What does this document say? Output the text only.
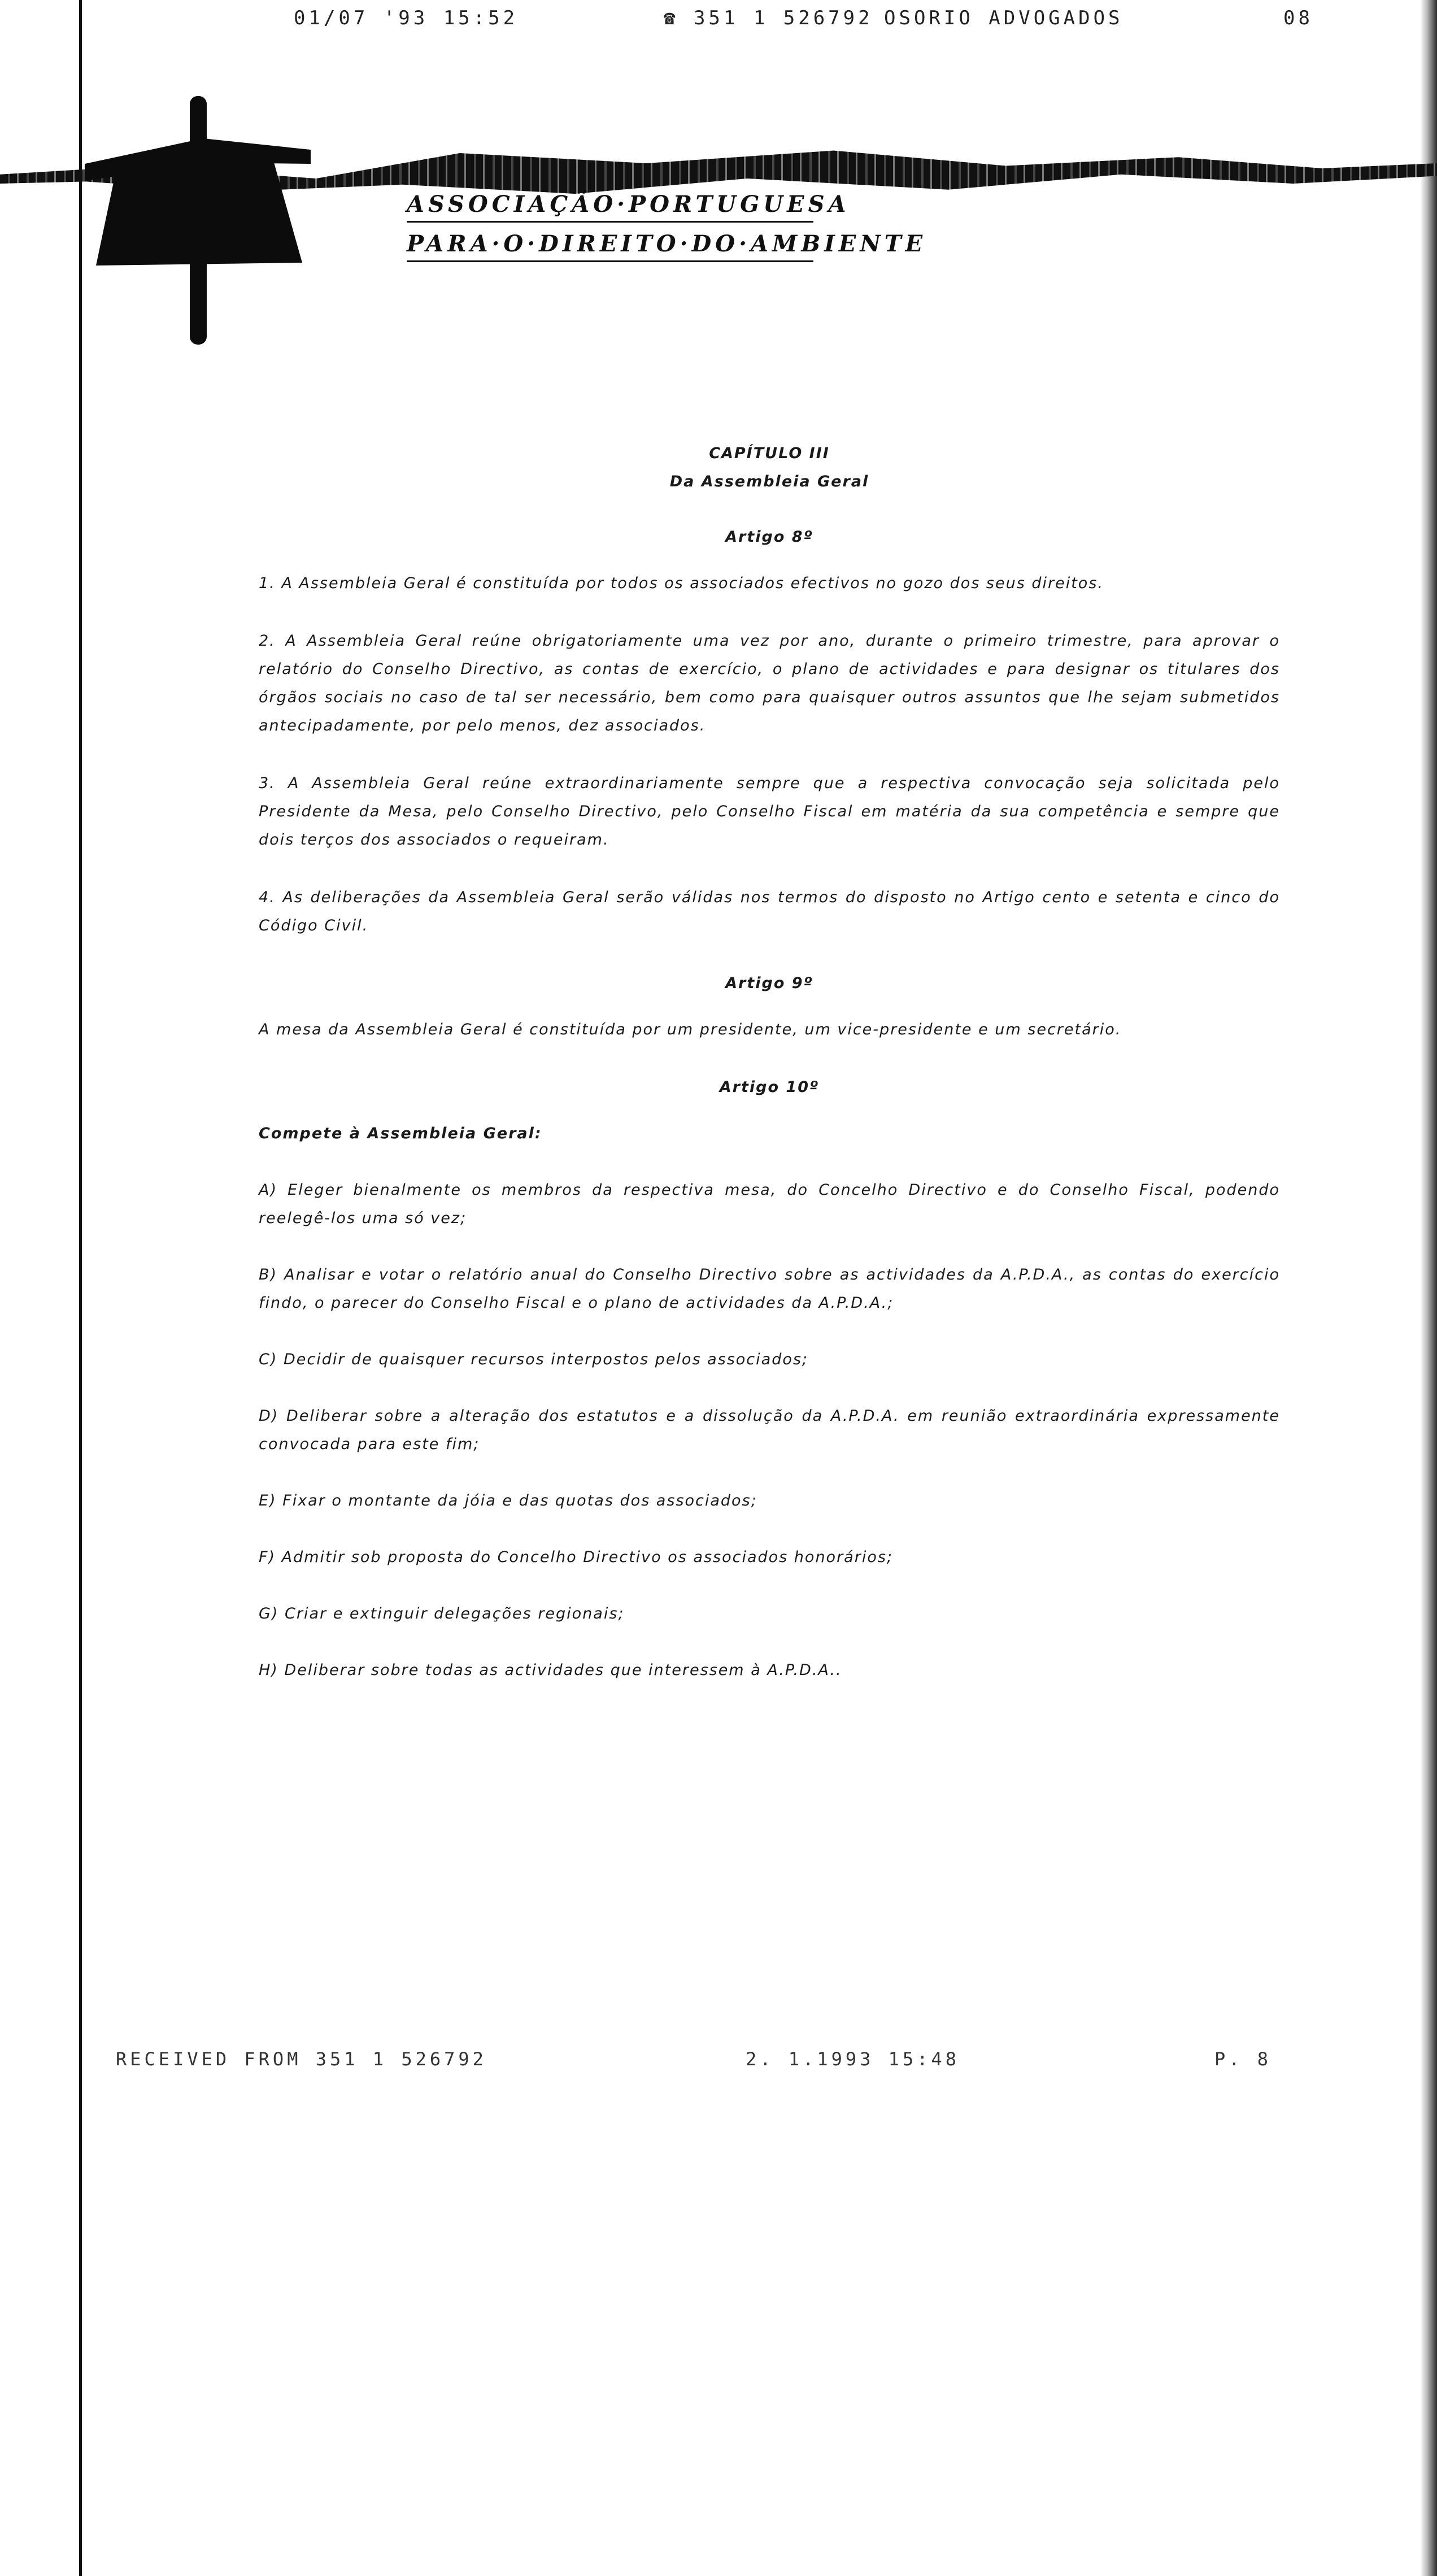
01/07 '93 15:52	☎ 351 1 526792 OSORIO ADVOGADOS	08
ASSOCIAÇÃO·PORTUGUESA
PARA·O·DIREITO·DO·AMBIENTE

CAPÍTULO III

Da Assembleia Geral

Artigo 8º

1. A Assembleia Geral é constituída por todos os associados efectivos no gozo dos seus direitos.

2. A Assembleia Geral reúne obrigatoriamente uma vez por ano, durante o primeiro trimestre, para aprovar o relatório do Conselho Directivo, as contas de exercício, o plano de actividades e para designar os titulares dos órgãos sociais no caso de tal ser necessário, bem como para quaisquer outros assuntos que lhe sejam submetidos antecipadamente, por pelo menos, dez associados.

3. A Assembleia Geral reúne extraordinariamente sempre que a respectiva convocação seja solicitada pelo Presidente da Mesa, pelo Conselho Directivo, pelo Conselho Fiscal em matéria da sua competência e sempre que dois terços dos associados o requeiram.

4. As deliberações da Assembleia Geral serão válidas nos termos do disposto no Artigo cento e setenta e cinco do Código Civil.

Artigo 9º

A mesa da Assembleia Geral é constituída por um presidente, um vice-presidente e um secretário.

Artigo 10º

Compete à Assembleia Geral:

A) Eleger bienalmente os membros da respectiva mesa, do Concelho Directivo e do Conselho Fiscal, podendo reelegê-los uma só vez;

B) Analisar e votar o relatório anual do Conselho Directivo sobre as actividades da A.P.D.A., as contas do exercício findo, o parecer do Conselho Fiscal e o plano de actividades da A.P.D.A.;

C) Decidir de quaisquer recursos interpostos pelos associados;

D) Deliberar sobre a alteração dos estatutos e a dissolução da A.P.D.A. em reunião extraordinária expressamente convocada para este fim;

E) Fixar o montante da jóia e das quotas dos associados;

F) Admitir sob proposta do Concelho Directivo os associados honorários;

G) Criar e extinguir delegações regionais;

H) Deliberar sobre todas as actividades que interessem à A.P.D.A..

RECEIVED FROM 351 1 526792	2. 1.1993 15:48	P. 8
